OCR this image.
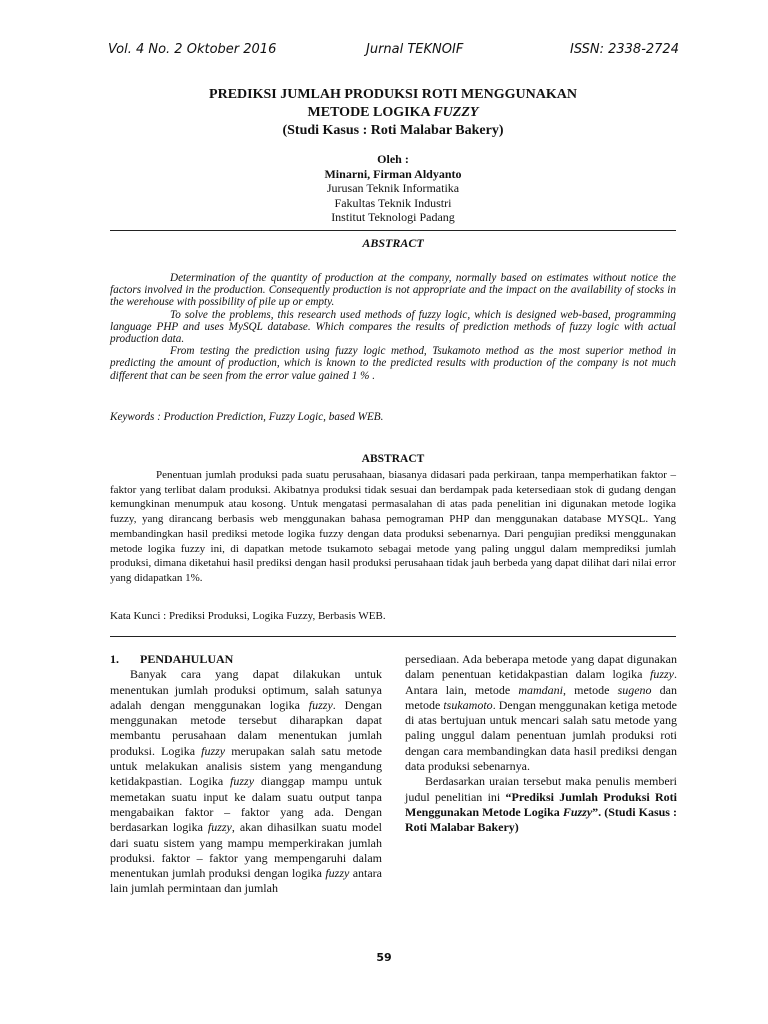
Vol. 4 No. 2 Oktober 2016	Jurnal TEKNOIF	ISSN: 2338-2724
PREDIKSI JUMLAH PRODUKSI ROTI MENGGUNAKAN
METODE LOGIKA FUZZY
(Studi Kasus : Roti Malabar Bakery)
Oleh :
Minarni, Firman Aldyanto
Jurusan Teknik Informatika
Fakultas Teknik Industri
Institut Teknologi Padang
ABSTRACT

Determination of the quantity of production at the company, normally based on estimates without notice the factors involved in the production. Consequently production is not appropriate and the impact on the availability of stocks in the werehouse with possibility of pile up or empty.

To solve the problems, this research used methods of fuzzy logic, which is designed web-based, programming language PHP and uses MySQL database. Which compares the results of prediction methods of fuzzy logic with actual production data.

From testing the prediction using fuzzy logic method, Tsukamoto method as the most superior method in predicting the amount of production, which is known to the predicted results with production of the company is not much different that can be seen from the error value gained 1 % .

Keywords : Production Prediction, Fuzzy Logic, based WEB.
ABSTRACT

Penentuan jumlah produksi pada suatu perusahaan, biasanya didasari pada perkiraan, tanpa memperhatikan faktor – faktor yang terlibat dalam produksi. Akibatnya produksi tidak sesuai dan berdampak pada ketersediaan stok di gudang dengan kemungkinan menumpuk atau kosong. Untuk mengatasi permasalahan di atas pada penelitian ini digunakan metode logika fuzzy, yang dirancang berbasis web menggunakan bahasa pemograman PHP dan menggunakan database MYSQL. Yang membandingkan hasil prediksi metode logika fuzzy dengan data produksi sebenarnya. Dari pengujian prediksi menggunakan metode logika fuzzy ini, di dapatkan metode tsukamoto sebagai metode yang paling unggul dalam memprediksi jumlah produksi, dimana diketahui hasil prediksi dengan hasil produksi perusahaan tidak jauh berbeda yang dapat dilihat dari nilai error yang didapatkan 1%.

Kata Kunci : Prediksi Produksi, Logika Fuzzy, Berbasis WEB.

1. PENDAHULUAN

Banyak cara yang dapat dilakukan untuk menentukan jumlah produksi optimum, salah satunya adalah dengan menggunakan logika fuzzy. Dengan menggunakan metode tersebut diharapkan dapat membantu perusahaan dalam menentukan jumlah produksi. Logika fuzzy merupakan salah satu metode untuk melakukan analisis sistem yang mengandung ketidakpastian. Logika fuzzy dianggap mampu untuk memetakan suatu input ke dalam suatu output tanpa mengabaikan faktor – faktor yang ada. Dengan berdasarkan logika fuzzy, akan dihasilkan suatu model dari suatu sistem yang mampu memperkirakan jumlah produksi. faktor – faktor yang mempengaruhi dalam menentukan jumlah produksi dengan logika fuzzy antara lain jumlah permintaan dan jumlah

persediaan. Ada beberapa metode yang dapat digunakan dalam penentuan ketidakpastian dalam logika fuzzy. Antara lain, metode mamdani, metode sugeno dan metode tsukamoto. Dengan menggunakan ketiga metode di atas bertujuan untuk mencari salah satu metode yang paling unggul dalam penentuan jumlah produksi roti dengan cara membandingkan data hasil prediksi dengan data produksi sebenarnya.

Berdasarkan uraian tersebut maka penulis memberi judul penelitian ini “Prediksi Jumlah Produksi Roti Menggunakan Metode Logika Fuzzy”. (Studi Kasus : Roti Malabar Bakery)

59
